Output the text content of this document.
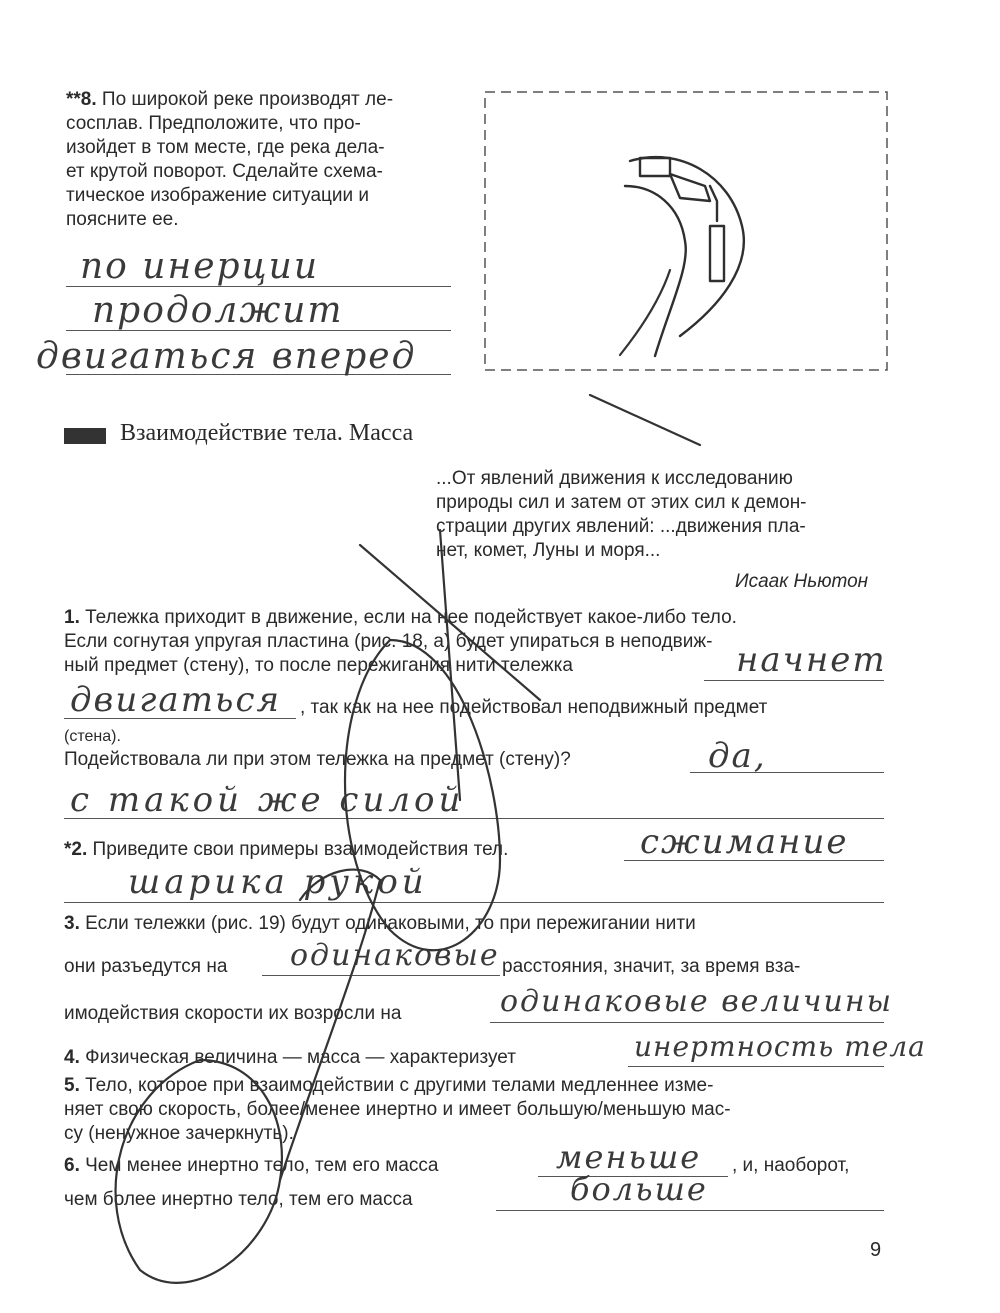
**8. По широкой реке производят ле-
сосплав. Предположите, что про-
изойдет в том месте, где река дела-
ет крутой поворот. Сделайте схема-
тическое изображение ситуации и
поясните ее.
по инерции
продолжит
двигаться вперед
Взаимодействие тела. Масса
...От явлений движения к исследованию
природы сил и затем от этих сил к демон-
страции других явлений: ...движения пла-
нет, комет, Луны и моря...
Исаак Ньютон
1. Тележка приходит в движение, если на нее подействует какое-либо тело.
Если согнутая упругая пластина (рис. 18, а) будет упираться в неподвиж-
ный предмет (стену), то после пережигания нити тележка	начнет
двигаться , так как на нее подействовал неподвижный предмет
(стена).
Подействовала ли при этом тележка на предмет (стену)?	да,
с такой же силой
*2. Приведите свои примеры взаимодействия тел.	сжимание
шарика рукой
3. Если тележки (рис. 19) будут одинаковыми, то при пережигании нити
они разъедутся на одинаковые расстояния, значит, за время вза-
имодействия скорости их возросли на	одинаковые величины
4. Физическая величина — масса — характеризует	инертность тела
5. Тело, которое при взаимодействии с другими телами медленнее изме-
няет свою скорость, более/менее инертно и имеет большую/меньшую мас-
су (ненужное зачеркнуть).
6. Чем менее инертно тело, тем его масса	меньше , и, наоборот,
чем более инертно тело, тем его масса	больше
9
